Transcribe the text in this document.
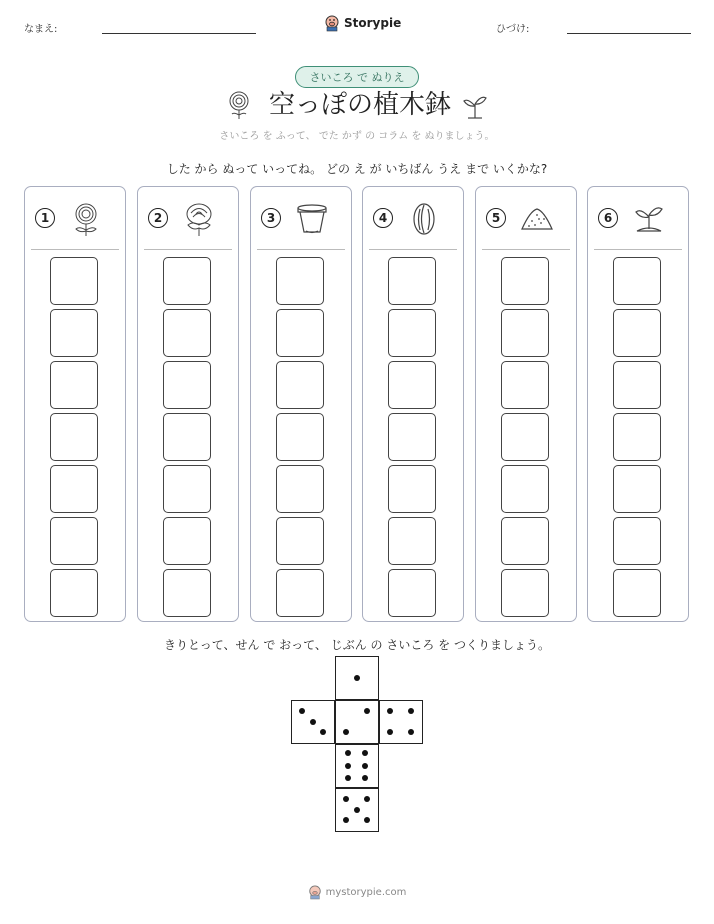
なまえ:	ひづけ:
Storypie
さいころ で ぬりえ
空っぽの植木鉢
さいころ を ふって、 でた かず の コラム を ぬりましょう。
した から ぬって いってね。 どの え が いちばん うえ まで いくかな?
1	2	3	4	5	6
きりとって、せん で おって、 じぶん の さいころ を つくりましょう。
mystorypie.com
